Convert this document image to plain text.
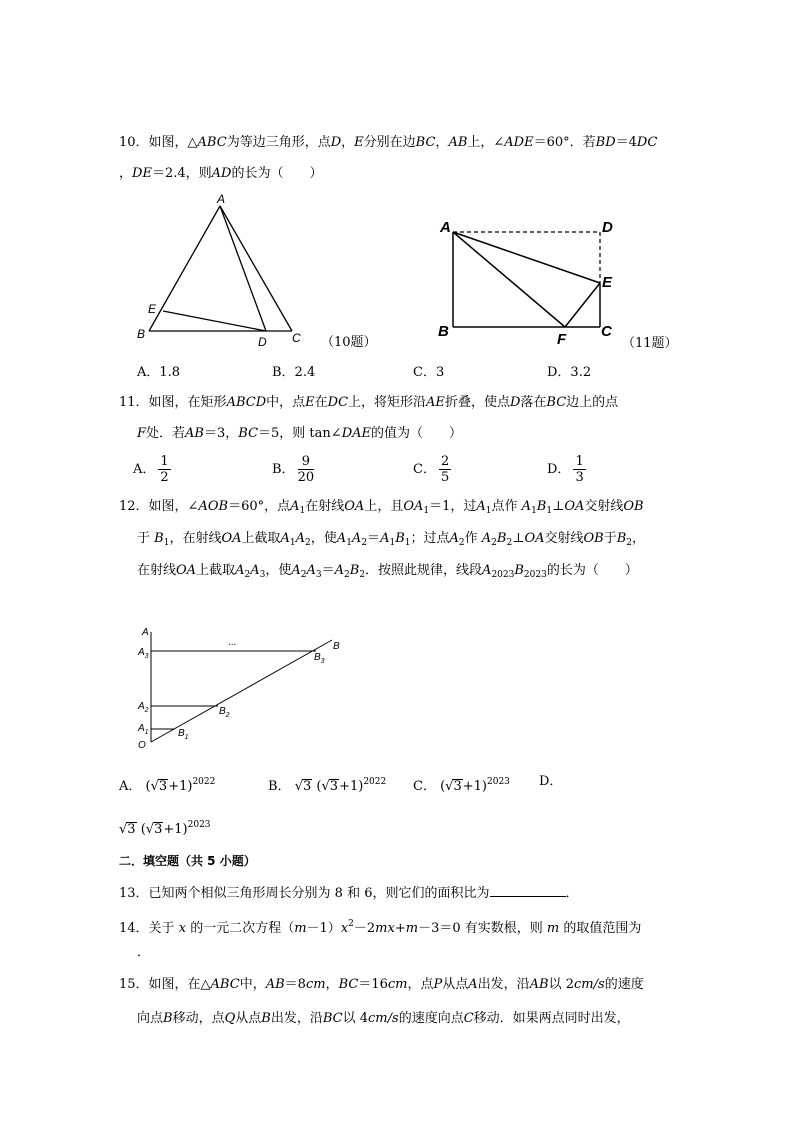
10．如图，△ABC为等边三角形，点D，E分别在边BC，AB上，∠ADE＝60°．若BD＝4DC
，DE＝2.4，则AD的长为（　　）
A
B	C
D
E
（10题）
A
B	C
D
E
F	（11题）
A．1.8	B．2.4	C．3	D．3.2
11．如图，在矩形ABCD中，点E在DC上，将矩形沿AE折叠，使点D落在BC边上的点
F处．若AB＝3，BC＝5，则 tan∠DAE的值为（　　）
A． $\frac{1}{2}$	B． $\frac{9}{20}$	C． $\frac{2}{5}$	D． $\frac{1}{3}$
12．如图，∠AOB＝60°，点$A_1$在射线OA上，且$OA_1=1$，过$A_1$点作 $A_1B_1\perp OA$交射线OB
于 $B_1$，在射线OA上截取$A_1A_2$，使$A_1A_2=A_1B_1$；过点$A_2$作 $A_2B_2\perp OA$交射线OB于$B_2$，
在射线OA上截取$A_2A_3$，使$A_2A_3=A_2B_2$．按照此规律，线段$A_{2023}B_{2023}$的长为（　　）
A
$A_3$
$A_2$
$A_1$
O
B
$B_3$
$B_2$
$B_1$
...
A． $(√3+1)^{2022}$	B． √3 $(√3+1)^{2022}$ C． $(√3+1)^{2023}$ D．
√3 $(√3+1)^{2023}$
二．填空题（共 5 小题）
13．已知两个相似三角形周长分别为 8 和 6，则它们的面积比为	．
14．关于 x 的一元二次方程$(m-1)x^2-2mx+m-3=0$ 有实数根，则 m 的取值范围为
．
15．如图，在△ABC中，AB＝8cm，BC＝16cm，点P从点A出发，沿AB以 2cm/s的速度
向点B移动，点Q从点B出发，沿BC以 4cm/s的速度向点C移动．如果两点同时出发，
